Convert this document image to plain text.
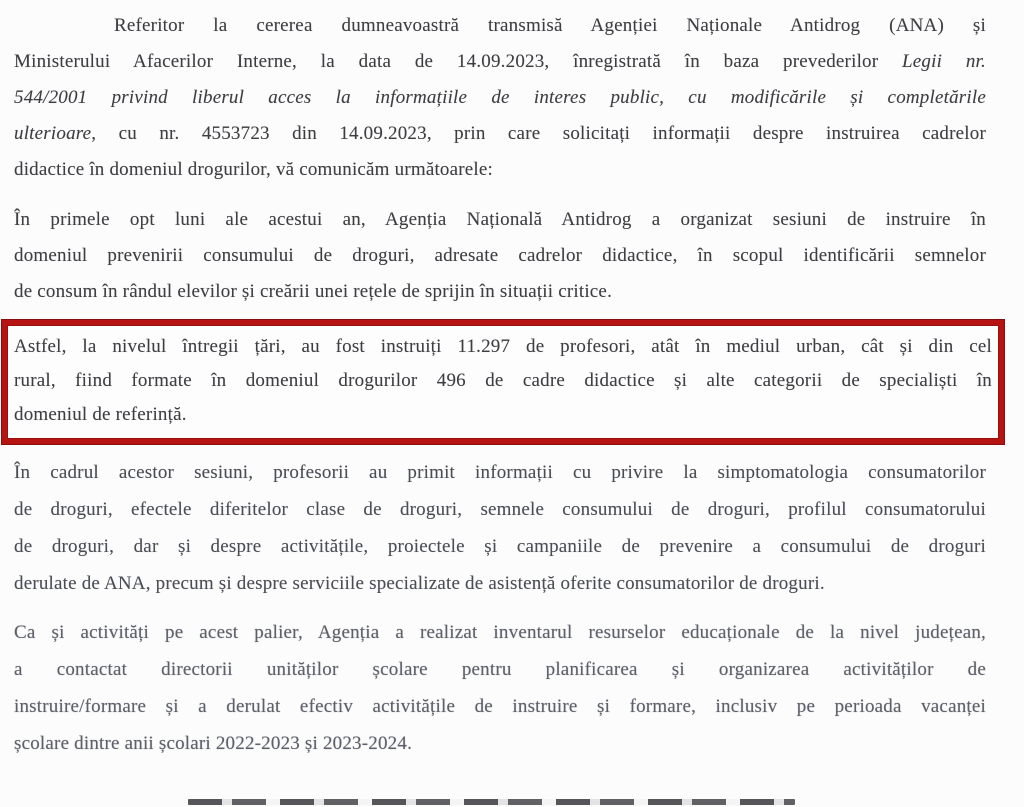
Referitor la cererea dumneavoastră transmisă Agenției Naționale Antidrog (ANA) și
Ministerului Afacerilor Interne, la data de 14.09.2023, înregistrată în baza prevederilor Legii nr.
544/2001 privind liberul acces la informațiile de interes public, cu modificările și completările
ulterioare, cu nr. 4553723 din 14.09.2023, prin care solicitați informații despre instruirea cadrelor
didactice în domeniul drogurilor, vă comunicăm următoarele:
În primele opt luni ale acestui an, Agenția Națională Antidrog a organizat sesiuni de instruire în
domeniul prevenirii consumului de droguri, adresate cadrelor didactice, în scopul identificării semnelor
de consum în rândul elevilor și creării unei rețele de sprijin în situații critice.
Astfel, la nivelul întregii țări, au fost instruiți 11.297 de profesori, atât în mediul urban, cât și din cel
rural, fiind formate în domeniul drogurilor 496 de cadre didactice și alte categorii de specialiști în
domeniul de referință.
În cadrul acestor sesiuni, profesorii au primit informații cu privire la simptomatologia consumatorilor
de droguri, efectele diferitelor clase de droguri, semnele consumului de droguri, profilul consumatorului
de droguri, dar și despre activitățile, proiectele și campaniile de prevenire a consumului de droguri
derulate de ANA, precum și despre serviciile specializate de asistență oferite consumatorilor de droguri.
Ca și activități pe acest palier, Agenția a realizat inventarul resurselor educaționale de la nivel județean,
a contactat directorii unităților școlare pentru planificarea și organizarea activităților de
instruire/formare și a derulat efectiv activitățile de instruire și formare, inclusiv pe perioada vacanței
școlare dintre anii școlari 2022-2023 și 2023-2024.
